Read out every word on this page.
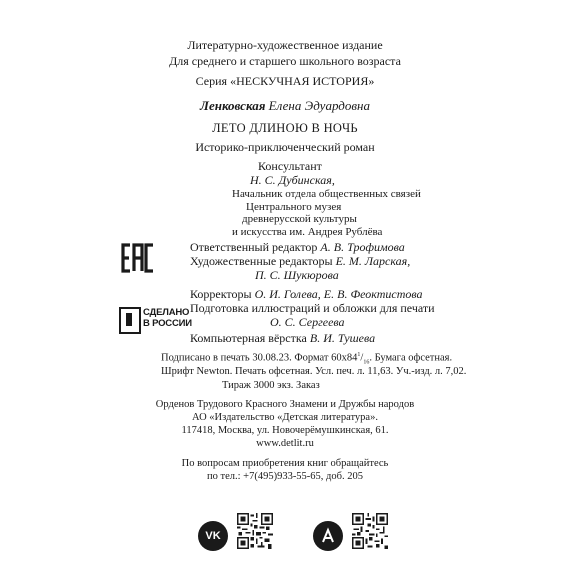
Литературно-художественное издание
Для среднего и старшего школьного возраста
Серия «НЕСКУЧНАЯ ИСТОРИЯ»
Ленковская Елена Эдуардовна
ЛЕТО ДЛИНОЮ В НОЧЬ
Историко-приключенческий роман
Консультант
Н. С. Дубинская,
Начальник отдела общественных связей
Центрального музея
древнерусской культуры
и искусства им. Андрея Рублёва
СДЕЛАНО
В РОССИИ
Ответственный редактор А. В. Трофимова
Художественные редакторы Е. М. Ларская,
П. С. Шукюрова
Корректоры О. И. Голева, Е. В. Феоктистова
Подготовка иллюстраций и обложки для печати
О. С. Сергеева
Компьютерная вёрстка В. И. Тушева
Подписано в печать 30.08.23. Формат $60x84^1/_{16}$. Бумага офсетная.
Шрифт Newton. Печать офсетная. Усл. печ. л. 11,63. Уч.-изд. л. 7,02.
Тираж 3000 экз. Заказ
Орденов Трудового Красного Знамени и Дружбы народов
АО «Издательство «Детская литература».
117418, Москва, ул. Новочерёмушкинская, 61.
www.detlit.ru
По вопросам приобретения книг обращайтесь
по тел.: +7(495)933-55-65, доб. 205
VK
